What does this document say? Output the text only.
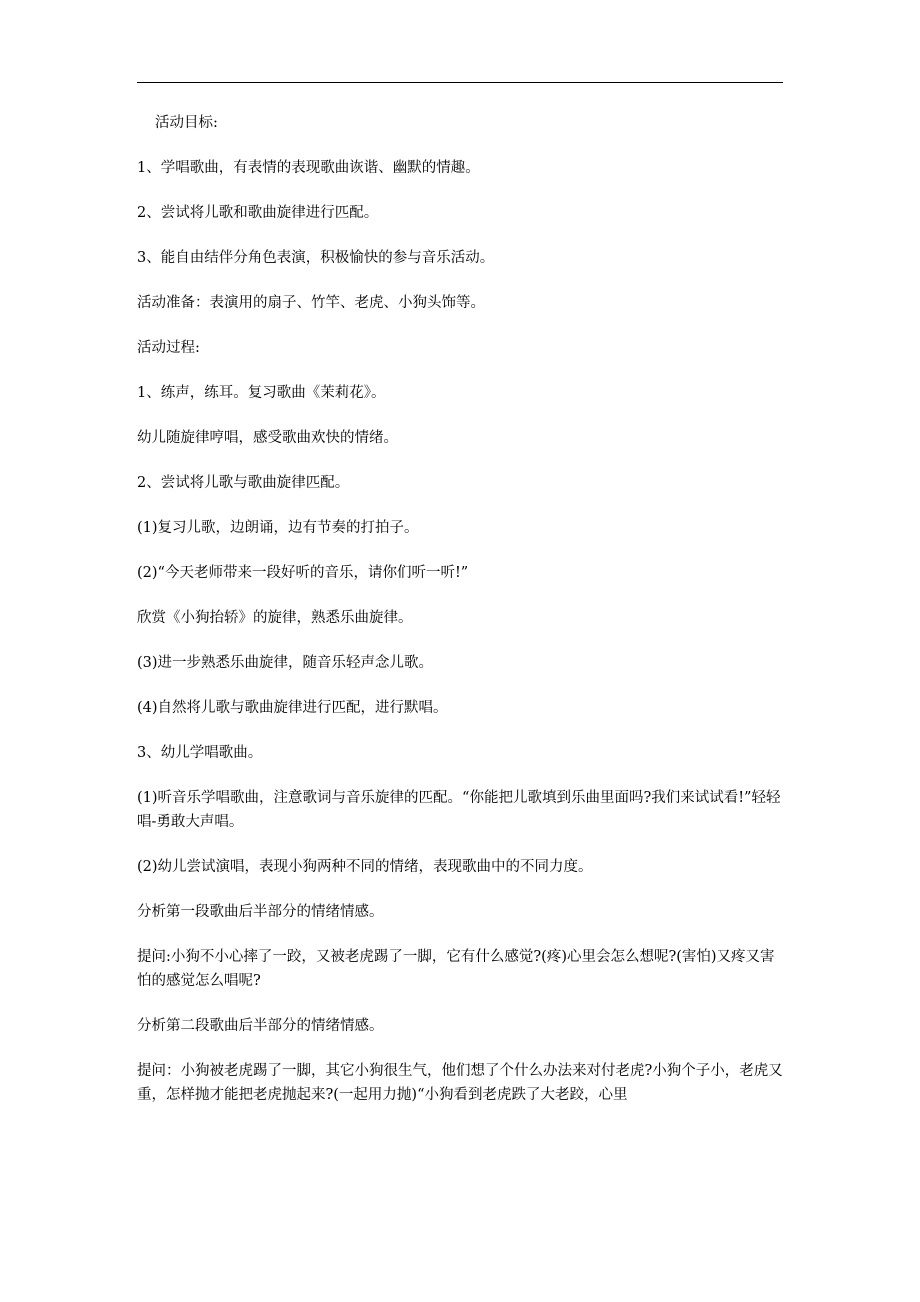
活动目标:

1、学唱歌曲，有表情的表现歌曲诙谐、幽默的情趣。

2、尝试将儿歌和歌曲旋律进行匹配。

3、能自由结伴分角色表演，积极愉快的参与音乐活动。

活动准备：表演用的扇子、竹竿、老虎、小狗头饰等。

活动过程:

1、练声，练耳。复习歌曲《茉莉花》。

幼儿随旋律哼唱，感受歌曲欢快的情绪。

2、尝试将儿歌与歌曲旋律匹配。

(1)复习儿歌，边朗诵，边有节奏的打拍子。

(2)“今天老师带来一段好听的音乐，请你们听一听!”

欣赏《小狗抬轿》的旋律，熟悉乐曲旋律。

(3)进一步熟悉乐曲旋律，随音乐轻声念儿歌。

(4)自然将儿歌与歌曲旋律进行匹配，进行默唱。

3、幼儿学唱歌曲。

(1)听音乐学唱歌曲，注意歌词与音乐旋律的匹配。“你能把儿歌填到乐曲里面吗?我们来试试看!”轻轻唱-勇敢大声唱。

(2)幼儿尝试演唱，表现小狗两种不同的情绪，表现歌曲中的不同力度。

分析第一段歌曲后半部分的情绪情感。

提问:小狗不小心摔了一跤，又被老虎踢了一脚，它有什么感觉?(疼)心里会怎么想呢?(害怕)又疼又害怕的感觉怎么唱呢?

分析第二段歌曲后半部分的情绪情感。

提问：小狗被老虎踢了一脚，其它小狗很生气，他们想了个什么办法来对付老虎?小狗个子小，老虎又重，怎样抛才能把老虎抛起来?(一起用力抛)“小狗看到老虎跌了大老跤，心里
